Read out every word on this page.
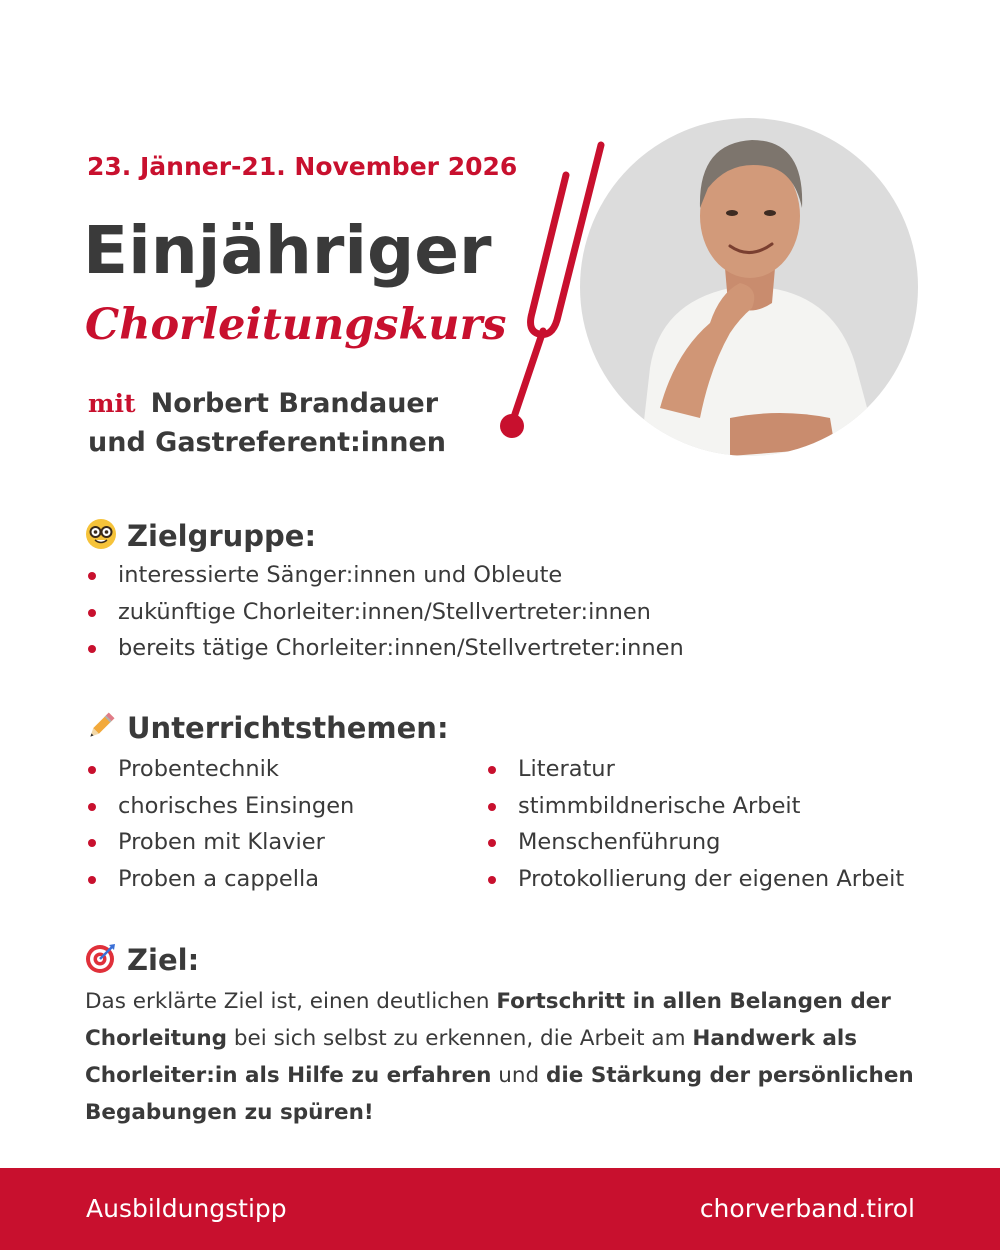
23. Jänner-21. November 2026
Einjähriger
Chorleitungskurs
mit Norbert Brandauer
und Gastreferent:innen
Zielgruppe:
interessierte Sänger:innen und Obleute
zukünftige Chorleiter:innen/Stellvertreter:innen
bereits tätige Chorleiter:innen/Stellvertreter:innen
Unterrichtsthemen:
Probentechnik
chorisches Einsingen
Proben mit Klavier
Proben a cappella
Literatur
stimmbildnerische Arbeit
Menschenführung
Protokollierung der eigenen Arbeit
Ziel:
Das erklärte Ziel ist, einen deutlichen Fortschritt in allen Belangen der Chorleitung bei sich selbst zu erkennen, die Arbeit am Handwerk als Chorleiter:in als Hilfe zu erfahren und die Stärkung der persönlichen Begabungen zu spüren!
Ausbildungstipp	chorverband.tirol
